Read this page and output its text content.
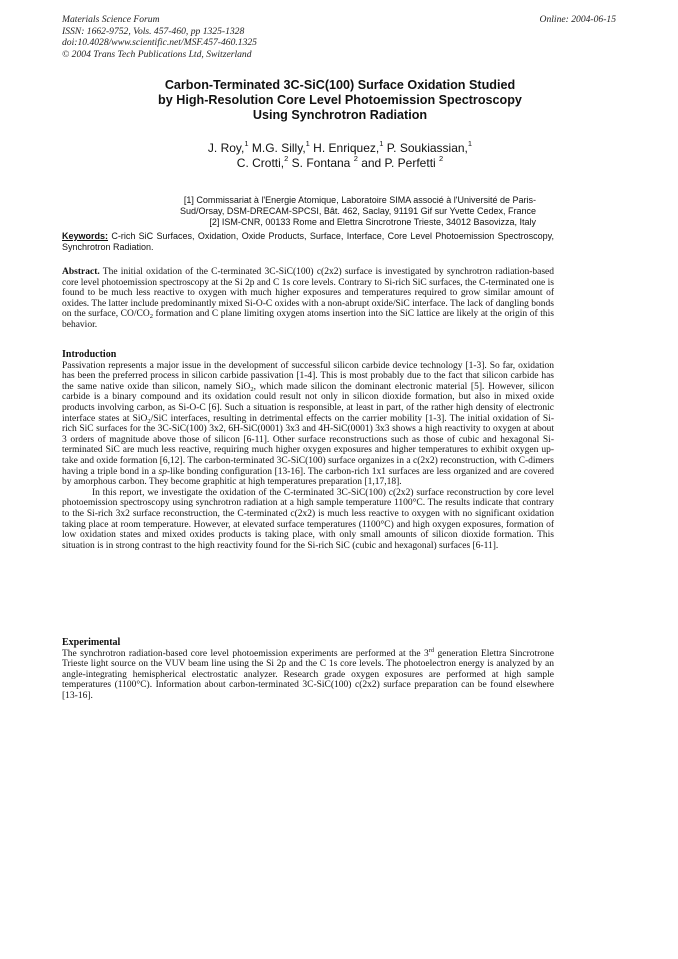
Materials Science Forum
ISSN: 1662-9752, Vols. 457-460, pp 1325-1328
doi:10.4028/www.scientific.net/MSF.457-460.1325
© 2004 Trans Tech Publications Ltd, Switzerland
Online: 2004-06-15
Carbon-Terminated 3C-SiC(100) Surface Oxidation Studied
by High-Resolution Core Level Photoemission Spectroscopy
Using Synchrotron Radiation
J. Roy,$^1$ M.G. Silly,$^1$ H. Enriquez,$^1$ P. Soukiassian,$^1$
C. Crotti,$^2$ S. Fontana $^2$ and P. Perfetti $^2$
[1] Commissariat à l'Energie Atomique, Laboratoire SIMA associé à l'Université de Paris-
Sud/Orsay, DSM-DRECAM-SPCSI, Bât. 462, Saclay, 91191 Gif sur Yvette Cedex, France
[2] ISM-CNR, 00133 Rome and Elettra Sincrotrone Trieste, 34012 Basovizza, Italy
Keywords: C-rich SiC Surfaces, Oxidation, Oxide Products, Surface, Interface, Core Level Photoemission Spectroscopy, Synchrotron Radiation.

Abstract. The initial oxidation of the C-terminated 3C-SiC(100) c(2x2) surface is investigated by synchrotron radiation-based core level photoemission spectroscopy at the Si 2p and C 1s core levels. Contrary to Si-rich SiC surfaces, the C-terminated one is found to be much less reactive to oxygen with much higher exposures and temperatures required to grow similar amount of oxides. The latter include predominantly mixed Si-O-C oxides with a non-abrupt oxide/SiC interface. The lack of dangling bonds on the surface, $CO/CO_2$ formation and C plane limiting oxygen atoms insertion into the SiC lattice are likely at the origin of this behavior.

Introduction

Passivation represents a major issue in the development of successful silicon carbide device technology [1-3]. So far, oxidation has been the preferred process in silicon carbide passivation [1-4]. This is most probably due to the fact that silicon carbide has the same native oxide than silicon, namely SiO$_2$, which made silicon the dominant electronic material [5]. However, silicon carbide is a binary compound and its oxidation could result not only in silicon dioxide formation, but also in mixed oxide products involving carbon, as Si-O-C [6]. Such a situation is responsible, at least in part, of the rather high density of electronic interface states at SiO$_2$/SiC interfaces, resulting in detrimental effects on the carrier mobility [1-3]. The initial oxidation of Si-rich SiC surfaces for the 3C-SiC(100) 3x2, 6H-SiC(0001) 3x3 and 4H-SiC(0001) 3x3 shows a high reactivity to oxygen at about 3 orders of magnitude above those of silicon [6-11]. Other surface reconstructions such as those of cubic and hexagonal Si-terminated SiC are much less reactive, requiring much higher oxygen exposures and higher temperatures to exhibit oxygen up-take and oxide formation [6,12]. The carbon-terminated 3C-SiC(100) surface organizes in a c(2x2) reconstruction, with C-dimers having a triple bond in a sp-like bonding configuration [13-16]. The carbon-rich 1x1 surfaces are less organized and are covered by amorphous carbon. They become graphitic at high temperatures preparation [1,17,18].

In this report, we investigate the oxidation of the C-terminated 3C-SiC(100) c(2x2) surface reconstruction by core level photoemission spectroscopy using synchrotron radiation at a high sample temperature 1100°C. The results indicate that contrary to the Si-rich 3x2 surface reconstruction, the C-terminated c(2x2) is much less reactive to oxygen with no significant oxidation taking place at room temperature. However, at elevated surface temperatures (1100°C) and high oxygen exposures, formation of low oxidation states and mixed oxides products is taking place, with only small amounts of silicon dioxide formation. This situation is in strong contrast to the high reactivity found for the Si-rich SiC (cubic and hexagonal) surfaces [6-11].

Experimental

The synchrotron radiation-based core level photoemission experiments are performed at the 3rd generation Elettra Sincrotrone Trieste light source on the VUV beam line using the Si 2p and the C 1s core levels. The photoelectron energy is analyzed by an angle-integrating hemispherical electrostatic analyzer. Research grade oxygen exposures are performed at high sample temperatures (1100°C). Information about carbon-terminated 3C-SiC(100) c(2x2) surface preparation can be found elsewhere [13-16].
